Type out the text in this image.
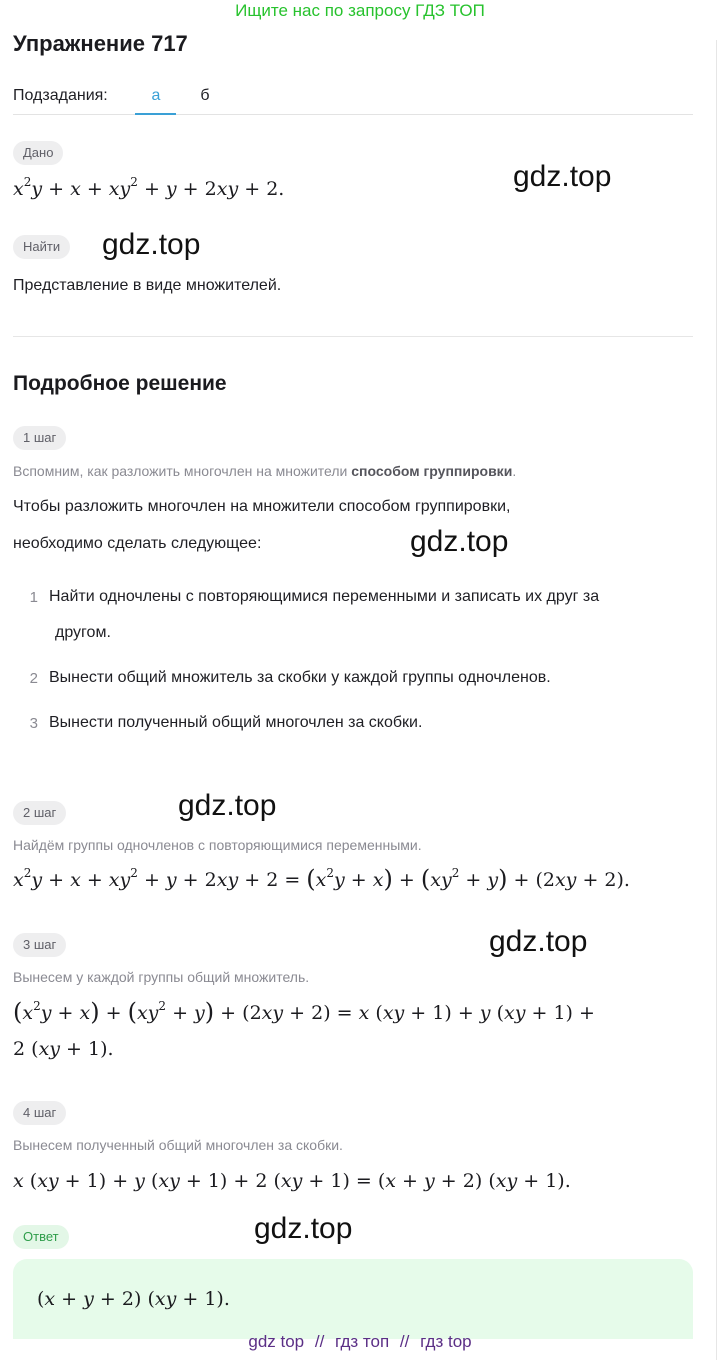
Ищите нас по запросу ГДЗ ТОП
Упражнение 717
Подзадания:	а	б
Дано
$x^2y + x + xy^2 + y + 2xy + 2$.	gdz.top
Найти	gdz.top
Представление в виде множителей.
Подробное решение
1 шаг
Вспомним, как разложить многочлен на множители способом группировки.
Чтобы разложить многочлен на множители способом группировки,
необходимо сделать следующее:	gdz.top
1 Найти одночлены с повторяющимися переменными и записать их друг за
другом.
2 Вынести общий множитель за скобки у каждой группы одночленов.
3 Вынести полученный общий многочлен за скобки.
2 шаг	gdz.top
Найдём группы одночленов с повторяющимися переменными.
$x^2y + x + xy^2 + y + 2xy + 2 = (x^2y + x) + (xy^2 + y) + (2xy + 2)$.
3 шаг	gdz.top
Вынесем у каждой группы общий множитель.
$(x^2y + x) + (xy^2 + y) + (2xy + 2) = x$ (xy + 1) + y (xy + 1) +
2 (xy + 1).
4 шаг
Вынесем полученный общий многочлен за скобки.
x (xy + 1) + y (xy + 1) + 2 (xy + 1) = (x + y + 2) (xy + 1).
Ответ	gdz.top
(x + y + 2) (xy + 1).
gdz top // гдз топ // гдз top
